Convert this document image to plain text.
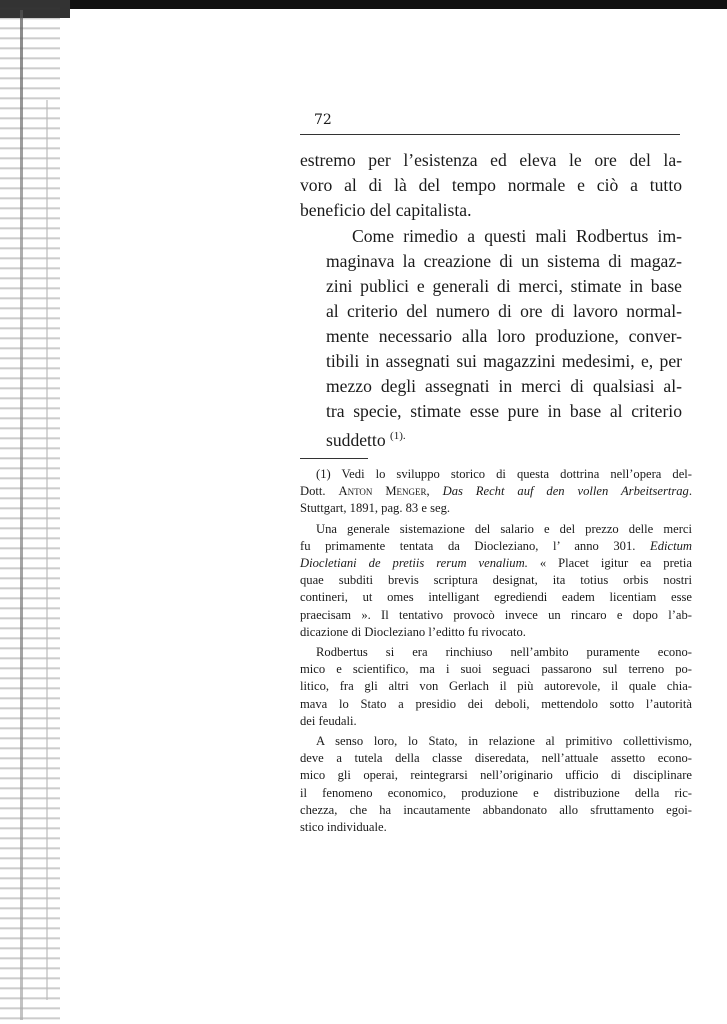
72

estremo per l’esistenza ed eleva le ore del la-
voro al di là del tempo normale e ciò a tutto
beneficio del capitalista.

Come rimedio a questi mali Rodbertus im-
maginava la creazione di un sistema di magaz-
zini publici e generali di merci, stimate in base
al criterio del numero di ore di lavoro normal-
mente necessario alla loro produzione, conver-
tibili in assegnati sui magazzini medesimi, e, per
mezzo degli assegnati in merci di qualsiasi al-
tra specie, stimate esse pure in base al criterio
suddetto $^{(1).}$

(1) Vedi lo sviluppo storico di questa dottrina nell’opera del-
Dott. Anton Menger, Das Recht auf den vollen Arbeitsertrag.
Stuttgart, 1891, pag. 83 e seg.
Una generale sistemazione del salario e del prezzo delle merci
fu primamente tentata da Diocleziano, l’ anno 301. Edictum
Diocletiani de pretiis rerum venalium. « Placet igitur ea pretia
quae subditi brevis scriptura designat, ita totius orbis nostri
contineri, ut omes intelligant egrediendi eadem licentiam esse
praecisam ». Il tentativo provocò invece un rincaro e dopo l’ab-
dicazione di Diocleziano l’editto fu rivocato.
Rodbertus si era rinchiuso nell’ambito puramente econo-
mico e scientifico, ma i suoi seguaci passarono sul terreno po-
litico, fra gli altri von Gerlach il più autorevole, il quale chia-
mava lo Stato a presidio dei deboli, mettendolo sotto l’autorità
dei feudali.
A senso loro, lo Stato, in relazione al primitivo collettivismo,
deve a tutela della classe diseredata, nell’attuale assetto econo-
mico gli operai, reintegrarsi nell’originario ufficio di disciplinare
il fenomeno economico, produzione e distribuzione della ric-
chezza, che ha incautamente abbandonato allo sfruttamento egoi-
stico individuale.
